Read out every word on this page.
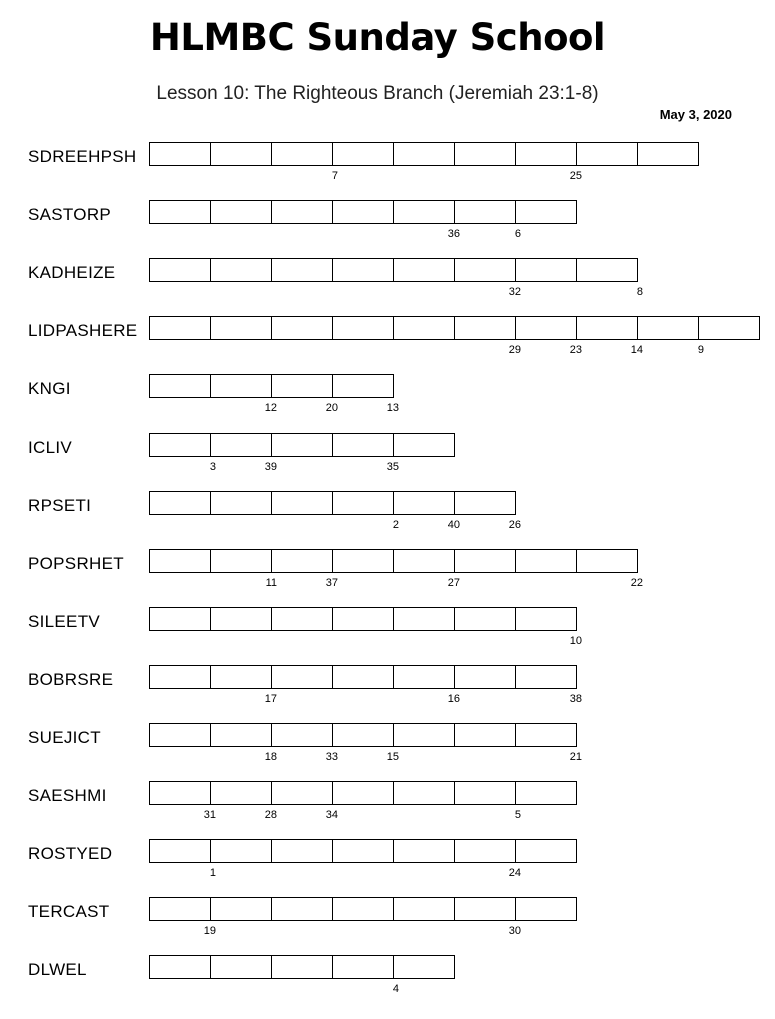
HLMBC Sunday School
Lesson 10: The Righteous Branch (Jeremiah 23:1-8)
May 3, 2020
SDREEHPSH
7	25
SASTORP
36	6
KADHEIZE
32	8
LIDPASHERE
29	23	14	9
KNGI
12	20	13
ICLIV
3	39	35
RPSETI
2	40	26
POPSRHET
11	37	27	22
SILEETV
10
BOBRSRE
17	16	38
SUEJICT
18	33	15	21
SAESHMI
31	28	34	5
ROSTYED
1	24
TERCAST
19	30
DLWEL
4
